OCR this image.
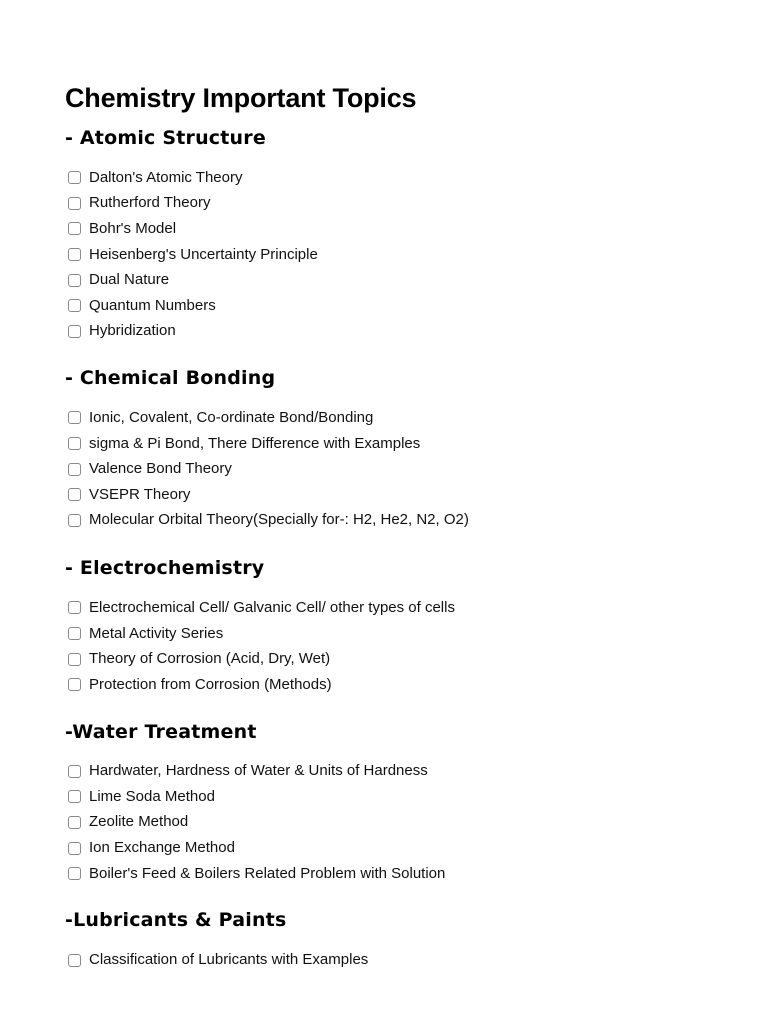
Chemistry Important Topics
- Atomic Structure
Dalton's Atomic Theory
Rutherford Theory
Bohr's Model
Heisenberg's Uncertainty Principle
Dual Nature
Quantum Numbers
Hybridization
- Chemical Bonding
Ionic, Covalent, Co-ordinate Bond/Bonding
sigma & Pi Bond, There Difference with Examples
Valence Bond Theory
VSEPR Theory
Molecular Orbital Theory(Specially for-: H2, He2, N2, O2)
- Electrochemistry
Electrochemical Cell/ Galvanic Cell/ other types of cells
Metal Activity Series
Theory of Corrosion (Acid, Dry, Wet)
Protection from Corrosion (Methods)
-Water Treatment
Hardwater, Hardness of Water & Units of Hardness
Lime Soda Method
Zeolite Method
Ion Exchange Method
Boiler's Feed & Boilers Related Problem with Solution
-Lubricants & Paints
Classification of Lubricants with Examples
